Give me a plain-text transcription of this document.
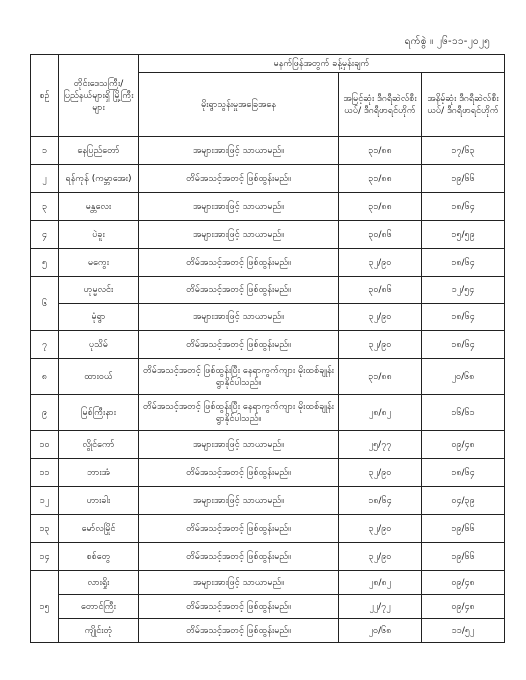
ရက်စွဲ ။ ၂၆-၁၁-၂၀၂၅
စဉ်	တိုင်းဒေသကြီး/ ပြည်နယ်များရှိ မြို့ကြီးများ	မနက်ဖြန်အတွက် ခန့်မှန်းချက်		
		မိုးရွာသွန်းမှုအခြေအနေ	အမြင့်ဆုံး ဒီဂရီဆဲလ်စီးယပ်/ ဒီဂရီဖာရင်ဟိုက်	အနိမ့်ဆုံး ဒီဂရီဆဲလ်စီးယပ်/ ဒီဂရီဖာရင်ဟိုက်
၁	နေပြည်တော်	အများအားဖြင့် သာယာမည်။	၃၁/၈၈	၁၇/၆၃
၂	ရန်ကုန် (ကမ္ဘာအေး)	တိမ်အသင့်အတင့် ဖြစ်ထွန်းမည်။	၃၁/၈၈	၁၉/၆၆
၃	မန္တလေး	အများအားဖြင့် သာယာမည်။	၃၁/၈၈	၁၈/၆၄
၄	ပဲခူး	အများအားဖြင့် သာယာမည်။	၃၀/၈၆	၁၅/၅၉
၅	မကွေး	တိမ်အသင့်အတင့် ဖြစ်ထွန်းမည်။	၃၂/၉၀	၁၈/၆၄
၆	ဟုမ္မလင်း	တိမ်အသင့်အတင့် ဖြစ်ထွန်းမည်။	၃၀/၈၆	၁၂/၅၄
	မုံရွာ	အများအားဖြင့် သာယာမည်။	၃၂/၉၀	၁၈/၆၄
၇	ပုသိမ်	တိမ်အသင့်အတင့် ဖြစ်ထွန်းမည်။	၃၂/၉၀	၁၈/၆၄
၈	ထားဝယ်	တိမ်အသင့်အတင့် ဖြစ်ထွန်းပြီး နေရာကွက်ကျား မိုးထစ်ချုန်းရွာနိုင်ပါသည်။	၃၁/၈၈	၂၀/၆၈
၉	မြစ်ကြီးနား	တိမ်အသင့်အတင့် ဖြစ်ထွန်းပြီး နေရာကွက်ကျား မိုးထစ်ချုန်းရွာနိုင်ပါသည်။	၂၈/၈၂	၁၆/၆၁
၁၀	လွိုင်ကော်	အများအားဖြင့် သာယာမည်။	၂၅/၇၇	၀၉/၄၈
၁၁	ဘားအံ	တိမ်အသင့်အတင့် ဖြစ်ထွန်းမည်။	၃၂/၉၀	၁၈/၆၄
၁၂	ဟားခါး	အများအားဖြင့် သာယာမည်။	၁၈/၆၄	၀၄/၃၉
၁၃	မော်လမြိုင်	တိမ်အသင့်အတင့် ဖြစ်ထွန်းမည်။	၃၂/၉၀	၁၉/၆၆
၁၄	စစ်တွေ	တိမ်အသင့်အတင့် ဖြစ်ထွန်းမည်။	၃၂/၉၀	၁၉/၆၆
၁၅	လားရှိုး	အများအားဖြင့် သာယာမည်။	၂၈/၈၂	၀၉/၄၈
	တောင်ကြီး	တိမ်အသင့်အတင့် ဖြစ်ထွန်းမည်။	၂၂/၇၂	၀၉/၄၈
	ကျိုင်းတုံ	တိမ်အသင့်အတင့် ဖြစ်ထွန်းမည်။	၂၀/၆၈	၁၁/၅၂
